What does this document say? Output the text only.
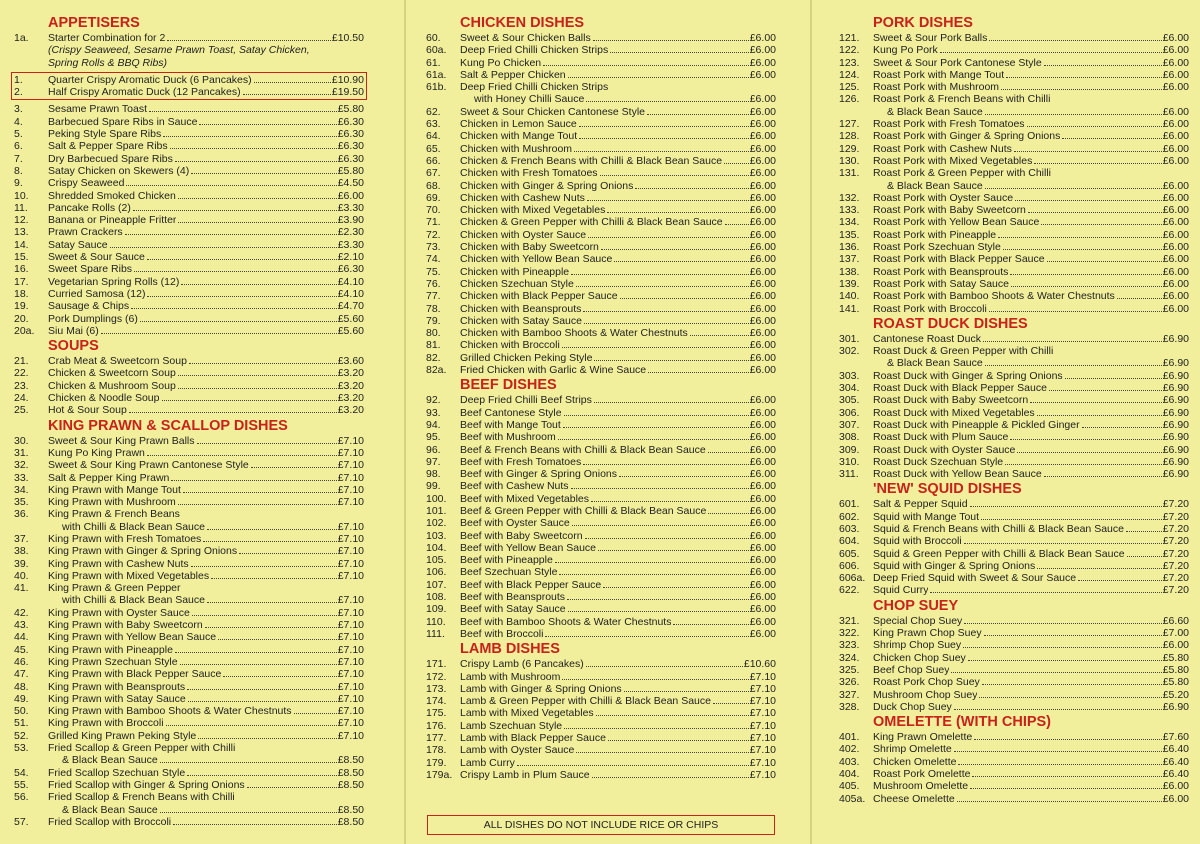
APPETISERS
1a.	Starter Combination for 2	£10.50
(Crispy Seaweed, Sesame Prawn Toast, Satay Chicken,
Spring Rolls & BBQ Ribs)
1.	Quarter Crispy Aromatic Duck (6 Pancakes)	£10.90
2.	Half Crispy Aromatic Duck (12 Pancakes)	£19.50
3.	Sesame Prawn Toast	£5.80
4.	Barbecued Spare Ribs in Sauce	£6.30
5.	Peking Style Spare Ribs	£6.30
6.	Salt & Pepper Spare Ribs	£6.30
7.	Dry Barbecued Spare Ribs	£6.30
8.	Satay Chicken on Skewers (4)	£5.80
9.	Crispy Seaweed	£4.50
10.	Shredded Smoked Chicken	£6.00
11.	Pancake Rolls (2)	£3.30
12.	Banana or Pineapple Fritter	£3.90
13.	Prawn Crackers	£2.30
14.	Satay Sauce	£3.30
15.	Sweet & Sour Sauce	£2.10
16.	Sweet Spare Ribs	£6.30
17.	Vegetarian Spring Rolls (12)	£4.10
18.	Curried Samosa (12)	£4.10
19.	Sausage & Chips	£4.70
20.	Pork Dumplings (6)	£5.60
20a.	Siu Mai (6)	£5.60
SOUPS
21.	Crab Meat & Sweetcorn Soup	£3.60
22.	Chicken & Sweetcorn Soup	£3.20
23.	Chicken & Mushroom Soup	£3.20
24.	Chicken & Noodle Soup	£3.20
25.	Hot & Sour Soup	£3.20
KING PRAWN & SCALLOP DISHES
30.	Sweet & Sour King Prawn Balls	£7.10
31.	Kung Po King Prawn	£7.10
32.	Sweet & Sour King Prawn Cantonese Style	£7.10
33.	Salt & Pepper King Prawn	£7.10
34.	King Prawn with Mange Tout	£7.10
35.	King Prawn with Mushroom	£7.10
36.	King Prawn & French Beans
with Chilli & Black Bean Sauce	£7.10
37.	King Prawn with Fresh Tomatoes	£7.10
38.	King Prawn with Ginger & Spring Onions	£7.10
39.	King Prawn with Cashew Nuts	£7.10
40.	King Prawn with Mixed Vegetables	£7.10
41.	King Prawn & Green Pepper
with Chilli & Black Bean Sauce	£7.10
42.	King Prawn with Oyster Sauce	£7.10
43.	King Prawn with Baby Sweetcorn	£7.10
44.	King Prawn with Yellow Bean Sauce	£7.10
45.	King Prawn with Pineapple	£7.10
46.	King Prawn Szechuan Style	£7.10
47.	King Prawn with Black Pepper Sauce	£7.10
48.	King Prawn with Beansprouts	£7.10
49.	King Prawn with Satay Sauce	£7.10
50.	King Prawn with Bamboo Shoots & Water Chestnuts	£7.10
51.	King Prawn with Broccoli	£7.10
52.	Grilled King Prawn Peking Style	£7.10
53.	Fried Scallop & Green Pepper with Chilli
& Black Bean Sauce	£8.50
54.	Fried Scallop Szechuan Style	£8.50
55.	Fried Scallop with Ginger & Spring Onions	£8.50
56.	Fried Scallop & French Beans with Chilli
& Black Bean Sauce	£8.50
57.	Fried Scallop with Broccoli	£8.50
CHICKEN DISHES
60.	Sweet & Sour Chicken Balls	£6.00
60a.	Deep Fried Chilli Chicken Strips	£6.00
61.	Kung Po Chicken	£6.00
61a.	Salt & Pepper Chicken	£6.00
61b.	Deep Fried Chilli Chicken Strips
with Honey Chilli Sauce	£6.00
62.	Sweet & Sour Chicken Cantonese Style	£6.00
63.	Chicken in Lemon Sauce	£6.00
64.	Chicken with Mange Tout	£6.00
65.	Chicken with Mushroom	£6.00
66.	Chicken & French Beans with Chilli & Black Bean Sauce	£6.00
67.	Chicken with Fresh Tomatoes	£6.00
68.	Chicken with Ginger & Spring Onions	£6.00
69.	Chicken with Cashew Nuts	£6.00
70.	Chicken with Mixed Vegetables	£6.00
71.	Chicken & Green Pepper with Chilli & Black Bean Sauce	£6.00
72.	Chicken with Oyster Sauce	£6.00
73.	Chicken with Baby Sweetcorn	£6.00
74.	Chicken with Yellow Bean Sauce	£6.00
75.	Chicken with Pineapple	£6.00
76.	Chicken Szechuan Style	£6.00
77.	Chicken with Black Pepper Sauce	£6.00
78.	Chicken with Beansprouts	£6.00
79.	Chicken with Satay Sauce	£6.00
80.	Chicken with Bamboo Shoots & Water Chestnuts	£6.00
81.	Chicken with Broccoli	£6.00
82.	Grilled Chicken Peking Style	£6.00
82a.	Fried Chicken with Garlic & Wine Sauce	£6.00
BEEF DISHES
92.	Deep Fried Chilli Beef Strips	£6.00
93.	Beef Cantonese Style	£6.00
94.	Beef with Mange Tout	£6.00
95.	Beef with Mushroom	£6.00
96.	Beef & French Beans with Chilli & Black Bean Sauce	£6.00
97.	Beef with Fresh Tomatoes	£6.00
98.	Beef with Ginger & Spring Onions	£6.00
99.	Beef with Cashew Nuts	£6.00
100.	Beef with Mixed Vegetables	£6.00
101.	Beef & Green Pepper with Chilli & Black Bean Sauce	£6.00
102.	Beef with Oyster Sauce	£6.00
103.	Beef with Baby Sweetcorn	£6.00
104.	Beef with Yellow Bean Sauce	£6.00
105.	Beef with Pineapple	£6.00
106.	Beef Szechuan Style	£6.00
107.	Beef with Black Pepper Sauce	£6.00
108.	Beef with Beansprouts	£6.00
109.	Beef with Satay Sauce	£6.00
110.	Beef with Bamboo Shoots & Water Chestnuts	£6.00
111.	Beef with Broccoli	£6.00
LAMB DISHES
171.	Crispy Lamb (6 Pancakes)	£10.60
172.	Lamb with Mushroom	£7.10
173.	Lamb with Ginger & Spring Onions	£7.10
174.	Lamb & Green Pepper with Chilli & Black Bean Sauce	£7.10
175.	Lamb with Mixed Vegetables	£7.10
176.	Lamb Szechuan Style	£7.10
177.	Lamb with Black Pepper Sauce	£7.10
178.	Lamb with Oyster Sauce	£7.10
179.	Lamb Curry	£7.10
179a. Crispy Lamb in Plum Sauce	£7.10
PORK DISHES
121.	Sweet & Sour Pork Balls	£6.00
122.	Kung Po Pork	£6.00
123.	Sweet & Sour Pork Cantonese Style	£6.00
124.	Roast Pork with Mange Tout	£6.00
125.	Roast Pork with Mushroom	£6.00
126.	Roast Pork & French Beans with Chilli
& Black Bean Sauce	£6.00
127.	Roast Pork with Fresh Tomatoes	£6.00
128.	Roast Pork with Ginger & Spring Onions	£6.00
129.	Roast Pork with Cashew Nuts	£6.00
130.	Roast Pork with Mixed Vegetables	£6.00
131.	Roast Pork & Green Pepper with Chilli
& Black Bean Sauce	£6.00
132.	Roast Pork with Oyster Sauce	£6.00
133.	Roast Pork with Baby Sweetcorn	£6.00
134.	Roast Pork with Yellow Bean Sauce	£6.00
135.	Roast Pork with Pineapple	£6.00
136.	Roast Pork Szechuan Style	£6.00
137.	Roast Pork with Black Pepper Sauce	£6.00
138.	Roast Pork with Beansprouts	£6.00
139.	Roast Pork with Satay Sauce	£6.00
140.	Roast Pork with Bamboo Shoots & Water Chestnuts	£6.00
141.	Roast Pork with Broccoli	£6.00
ROAST DUCK DISHES
301.	Cantonese Roast Duck	£6.90
302.	Roast Duck & Green Pepper with Chilli
& Black Bean Sauce	£6.90
303.	Roast Duck with Ginger & Spring Onions	£6.90
304.	Roast Duck with Black Pepper Sauce	£6.90
305.	Roast Duck with Baby Sweetcorn	£6.90
306.	Roast Duck with Mixed Vegetables	£6.90
307.	Roast Duck with Pineapple & Pickled Ginger	£6.90
308.	Roast Duck with Plum Sauce	£6.90
309.	Roast Duck with Oyster Sauce	£6.90
310.	Roast Duck Szechuan Style	£6.90
311.	Roast Duck with Yellow Bean Sauce	£6.90
'NEW' SQUID DISHES
601.	Salt & Pepper Squid	£7.20
602.	Squid with Mange Tout	£7.20
603.	Squid & French Beans with Chilli & Black Bean Sauce	£7.20
604.	Squid with Broccoli	£7.20
605.	Squid & Green Pepper with Chilli & Black Bean Sauce	£7.20
606.	Squid with Ginger & Spring Onions	£7.20
606a. Deep Fried Squid with Sweet & Sour Sauce	£7.20
622.	Squid Curry	£7.20
CHOP SUEY
321.	Special Chop Suey	£6.60
322.	King Prawn Chop Suey	£7.00
323.	Shrimp Chop Suey	£6.00
324.	Chicken Chop Suey	£5.80
325.	Beef Chop Suey	£5.80
326.	Roast Pork Chop Suey	£5.80
327.	Mushroom Chop Suey	£5.20
328.	Duck Chop Suey	£6.90
OMELETTE (WITH CHIPS)
401.	King Prawn Omelette	£7.60
402.	Shrimp Omelette	£6.40
403.	Chicken Omelette	£6.40
404.	Roast Pork Omelette	£6.40
405.	Mushroom Omelette	£6.00
405a. Cheese Omelette	£6.00
ALL DISHES DO NOT INCLUDE RICE OR CHIPS
